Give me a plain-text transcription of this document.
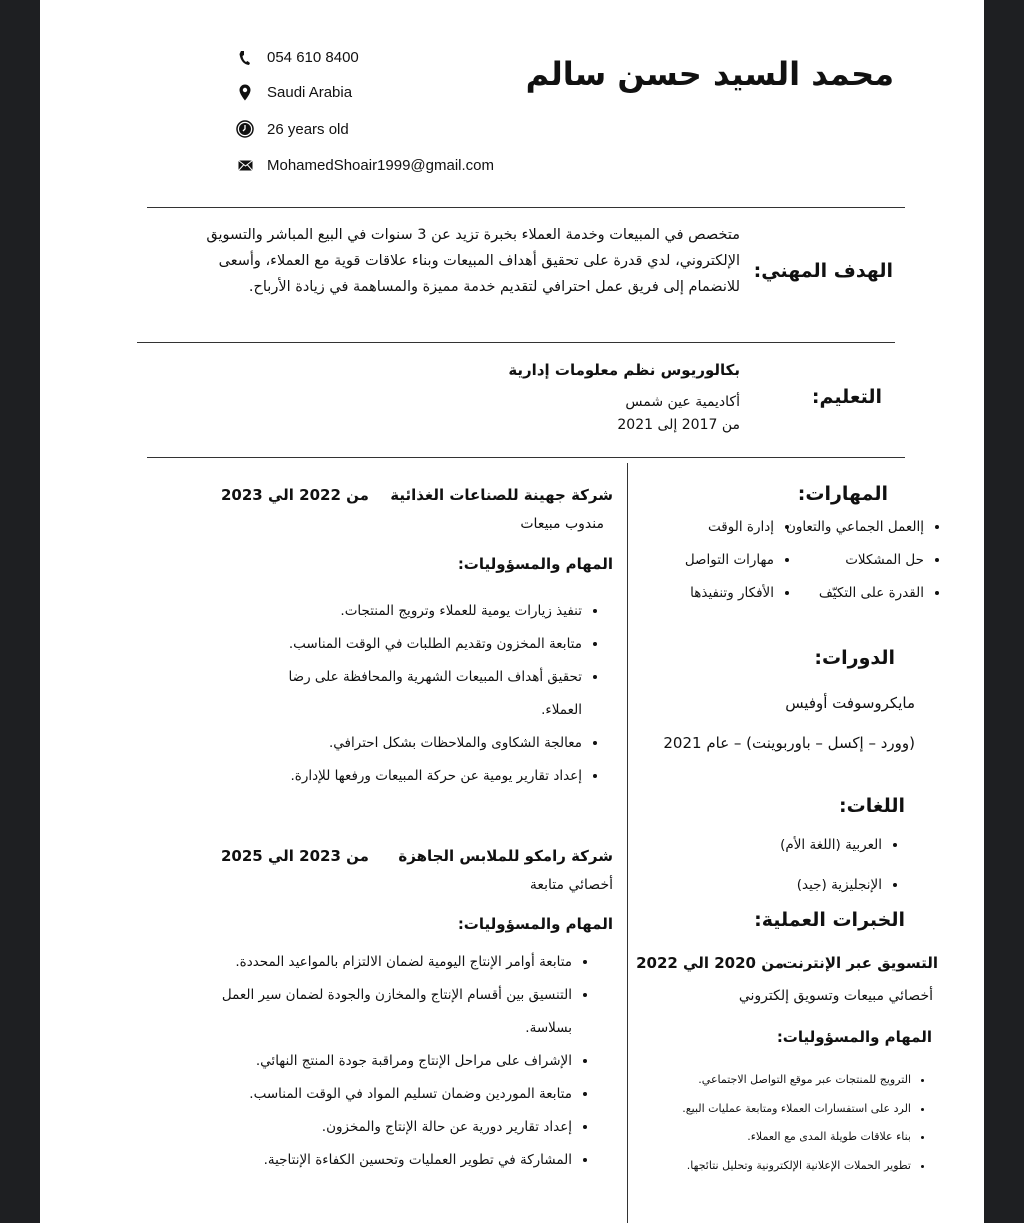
محمد السيد حسن سالم
054 610 8400
Saudi Arabia
26 years old
MohamedShoair1999@gmail.com
الهدف المهني:
متخصص في المبيعات وخدمة العملاء بخبرة تزيد عن 3 سنوات في البيع المباشر والتسويق الإلكتروني، لدي قدرة على تحقيق أهداف المبيعات وبناء علاقات قوية مع العملاء، وأسعى للانضمام إلى فريق عمل احترافي لتقديم خدمة مميزة والمساهمة في زيادة الأرباح.
التعليم:
بكالوريوس نظم معلومات إدارية
أكاديمية عين شمس
من 2017 إلى 2021
المهارات:
• إالعمل الجماعي والتعاون
• إدارة الوقت
• حل المشكلات
• مهارات التواصل
• القدرة على التكيّف
• الأفكار وتنفيذها
الدورات:
مايكروسوفت أوفيس
(وورد – إكسل – باوربوينت) – عام 2021
اللغات:
• العربية (اللغة الأم)
• الإنجليزية (جيد)
الخبرات العملية:
التسويق عبر الإنترنت
من 2020 الي 2022
أخصائي مبيعات وتسويق إلكتروني
المهام والمسؤوليات:
• الترويج للمنتجات عبر موقع التواصل الاجتماعي.
• الرد على استفسارات العملاء ومتابعة عمليات البيع.
• بناء علاقات طويلة المدى مع العملاء.
• تطوير الحملات الإعلانية الإلكترونية وتحليل نتائجها.
شركة جهينة للصناعات الغذائية
من 2022 الي 2023
مندوب مبيعات
المهام والمسؤوليات:
• تنفيذ زيارات يومية للعملاء وترويج المنتجات.
• متابعة المخزون وتقديم الطلبات في الوقت المناسب.
• تحقيق أهداف المبيعات الشهرية والمحافظة على رضا العملاء.
• معالجة الشكاوى والملاحظات بشكل احترافي.
• إعداد تقارير يومية عن حركة المبيعات ورفعها للإدارة.
شركة رامكو للملابس الجاهزة
من 2023 الي 2025
أخصائي متابعة
المهام والمسؤوليات:
• متابعة أوامر الإنتاج اليومية لضمان الالتزام بالمواعيد المحددة.
• التنسيق بين أقسام الإنتاج والمخازن والجودة لضمان سير العمل بسلاسة.
• الإشراف على مراحل الإنتاج ومراقبة جودة المنتج النهائي.
• متابعة الموردين وضمان تسليم المواد في الوقت المناسب.
• إعداد تقارير دورية عن حالة الإنتاج والمخزون.
• المشاركة في تطوير العمليات وتحسين الكفاءة الإنتاجية.
